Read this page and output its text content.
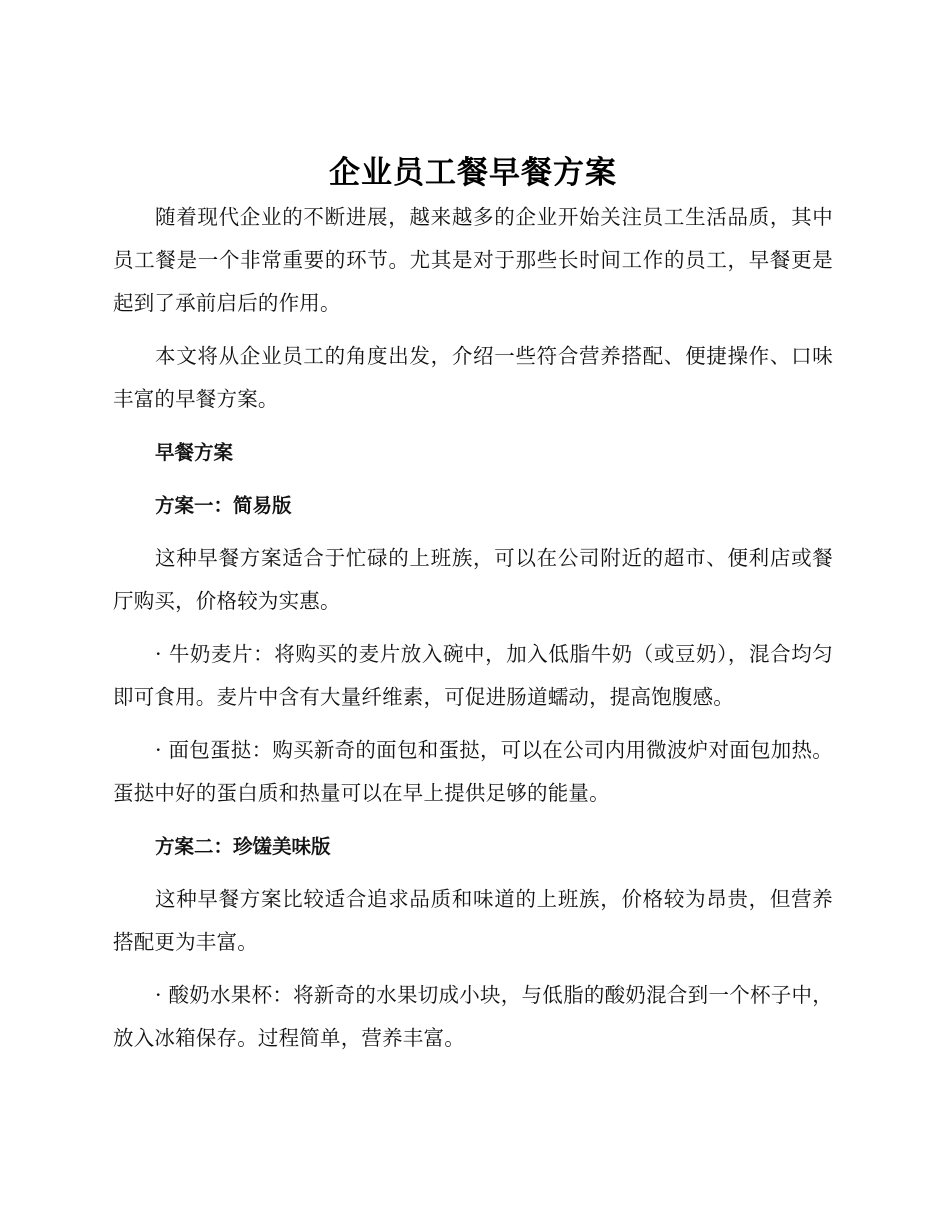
企业员工餐早餐方案

随着现代企业的不断进展，越来越多的企业开始关注员工生活品质，其中员工餐是一个非常重要的环节。尤其是对于那些长时间工作的员工，早餐更是起到了承前启后的作用。

本文将从企业员工的角度出发，介绍一些符合营养搭配、便捷操作、口味丰富的早餐方案。

早餐方案

方案一：简易版

这种早餐方案适合于忙碌的上班族，可以在公司附近的超市、便利店或餐厅购买，价格较为实惠。

· 牛奶麦片：将购买的麦片放入碗中，加入低脂牛奶（或豆奶），混合均匀即可食用。麦片中含有大量纤维素，可促进肠道蠕动，提高饱腹感。

· 面包蛋挞：购买新奇的面包和蛋挞，可以在公司内用微波炉对面包加热。蛋挞中好的蛋白质和热量可以在早上提供足够的能量。

方案二：珍馐美味版

这种早餐方案比较适合追求品质和味道的上班族，价格较为昂贵，但营养搭配更为丰富。

· 酸奶水果杯：将新奇的水果切成小块，与低脂的酸奶混合到一个杯子中，放入冰箱保存。过程简单，营养丰富。
